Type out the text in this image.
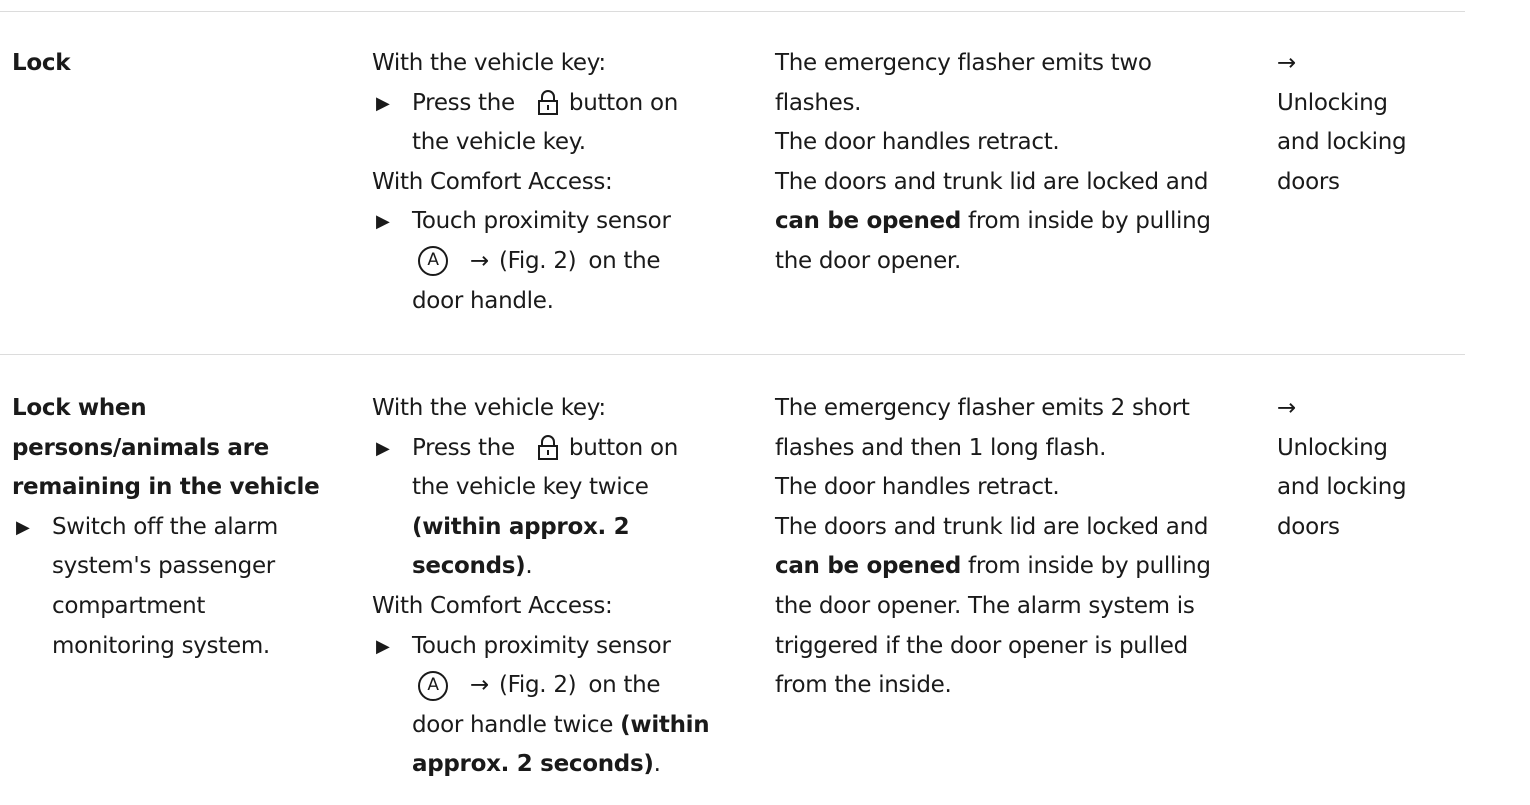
Lock	With the vehicle key:
▶ Press the button on
the vehicle key.
With Comfort Access:
▶ Touch proximity sensor
A → (Fig. 2) on the
door handle.
The emergency flasher emits two
flashes.
The door handles retract.
The doors and trunk lid are locked and
can be opened from inside by pulling
the door opener.
→
Unlocking
and locking
doors
Lock when
persons/animals are
remaining in the vehicle
▶ Switch off the alarm
system's passenger
compartment
monitoring system.
With the vehicle key:
▶ Press the button on
the vehicle key twice
(within approx. 2
seconds).
With Comfort Access:
▶ Touch proximity sensor
A → (Fig. 2) on the
door handle twice (within
approx. 2 seconds).
The emergency flasher emits 2 short
flashes and then 1 long flash.
The door handles retract.
The doors and trunk lid are locked and
can be opened from inside by pulling
the door opener. The alarm system is
triggered if the door opener is pulled
from the inside.
→
Unlocking
and locking
doors
